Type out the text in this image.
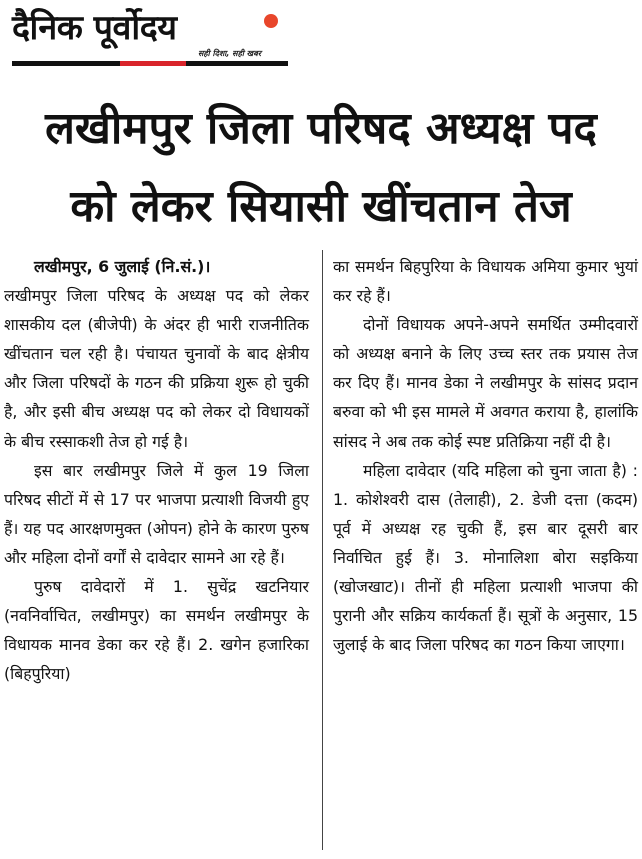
दैनिक पूर्वोदय
सही दिशा, सही खबर
लखीमपुर जिला परिषद अध्यक्ष पद
को लेकर सियासी खींचतान तेज

लखीमपुर, 6 जुलाई (नि.सं.)।

लखीमपुर जिला परिषद के अध्यक्ष पद को लेकर शासकीय दल (बीजेपी) के अंदर ही भारी राजनीतिक खींचतान चल रही है। पंचायत चुनावों के बाद क्षेत्रीय और जिला परिषदों के गठन की प्रक्रिया शुरू हो चुकी है, और इसी बीच अध्यक्ष पद को लेकर दो विधायकों के बीच रस्साकशी तेज हो गई है।

इस बार लखीमपुर जिले में कुल 19 जिला परिषद सीटों में से 17 पर भाजपा प्रत्याशी विजयी हुए हैं। यह पद आरक्षणमुक्त (ओपन) होने के कारण पुरुष और महिला दोनों वर्गों से दावेदार सामने आ रहे हैं।

पुरुष दावेदारों में 1. सुचेंद्र खटनियार (नवनिर्वाचित, लखीमपुर) का समर्थन लखीमपुर के विधायक मानव डेका कर रहे हैं। 2. खगेन हजारिका (बिहपुरिया)

का समर्थन बिहपुरिया के विधायक अमिया कुमार भुयां कर रहे हैं।

दोनों विधायक अपने-अपने समर्थित उम्मीदवारों को अध्यक्ष बनाने के लिए उच्च स्तर तक प्रयास तेज कर दिए हैं। मानव डेका ने लखीमपुर के सांसद प्रदान बरुवा को भी इस मामले में अवगत कराया है, हालांकि सांसद ने अब तक कोई स्पष्ट प्रतिक्रिया नहीं दी है।

महिला दावेदार (यदि महिला को चुना जाता है) : 1. कोशेश्वरी दास (तेलाही), 2. डेजी दत्ता (कदम) पूर्व में अध्यक्ष रह चुकी हैं, इस बार दूसरी बार निर्वाचित हुई हैं। 3. मोनालिशा बोरा सइकिया (खोजखाट)। तीनों ही महिला प्रत्याशी भाजपा की पुरानी और सक्रिय कार्यकर्ता हैं। सूत्रों के अनुसार, 15 जुलाई के बाद जिला परिषद का गठन किया जाएगा।
